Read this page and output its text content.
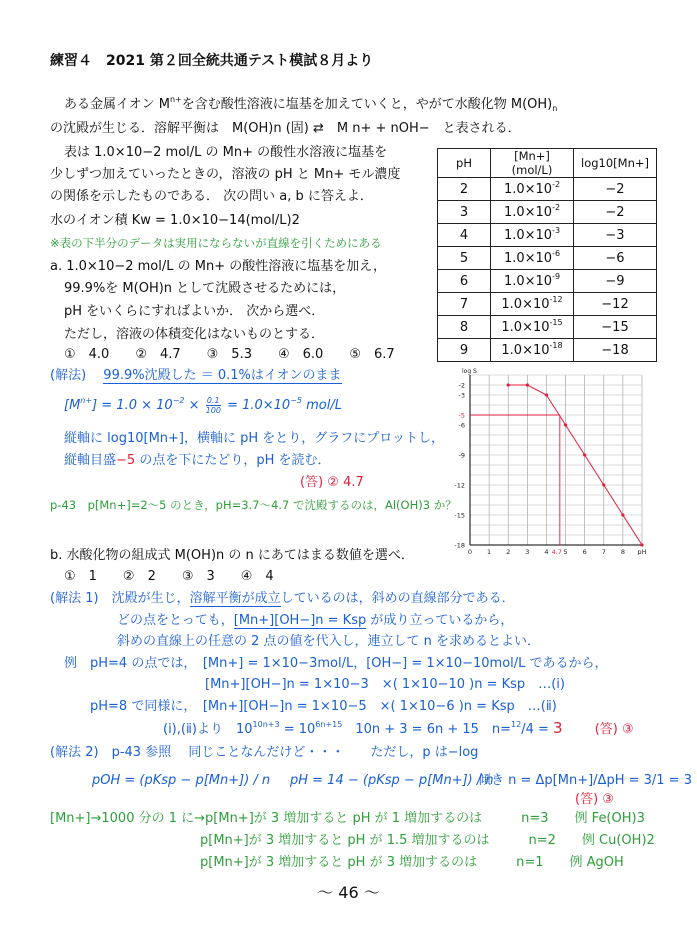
練習４　2021 第２回全統共通テスト模試８月より
ある金属イオン $M^{n+}$を含む酸性溶液に塩基を加えていくと，やがて水酸化物 $M(OH)_n$
の沈殿が生じる．溶解平衡は　M(OH)n (固) ⇄　M n+ + nOH−　と表される．
表は 1.0×10−2 mol/L の Mn+ の酸性水溶液に塩基を
少しずつ加えていったときの，溶液の pH と Mn+ モル濃度
の関係を示したものである． 次の問い a, b に答えよ．
水のイオン積 Kw = 1.0×10−14(mol/L)2
※表の下半分のデータは実用にならないが直線を引くためにある
a. 1.0×10−2 mol/L の Mn+ の酸性溶液に塩基を加え，
99.9%を M(OH)n として沈殿させるためには，
pH をいくらにすればよいか． 次から選べ．
ただし，溶液の体積変化はないものとする．
①　4.0　　②　4.7　　③　5.3　　④　6.0　　⑤　6.7
(解法)　 99.9%沈殿した ＝ 0.1%はイオンのまま
$[M^{n+}] = 1.0 \times 10^{-2} \times \frac{0.1}{100} = 1.0\times 10^{-5}$ mol/L
縦軸に log10[Mn+]，横軸に pH をとり，グラフにプロットし，
縦軸目盛−5 の点を下にたどり，pH を読む．
(答) ② 4.7
p-43　p[Mn+]=2〜5 のとき，pH=3.7〜4.7 で沈殿するのは，Al(OH)3 か？
pH	[Mn+] (mol/L)	log10[Mn+]
2	$1.0\times 10^{-2}$	−2
3	$1.0\times 10^{-2}$	−2
4	$1.0\times 10^{-3}$	−3
5	$1.0\times 10^{-6}$	−6
6	$1.0\times 10^{-9}$	−9
7	$1.0\times 10^{-12}$	−12
8	$1.0\times 10^{-15}$	−15
9	$1.0\times 10^{-18}$	−18
-2
-3
-5
-6
-9
-12
-15
-18
log S
0 1 2 3 4 4.7 5 6 7 8 pH
b. 水酸化物の組成式 M(OH)n の n にあてはまる数値を選べ．
①　1　　②　2　　③　3　　④　4
(解法 1)　 沈殿が生じ，溶解平衡が成立しているのは，斜めの直線部分である．
どの点をとっても，[Mn+][OH−]n = Ksp が成り立っているから，
斜めの直線上の任意の 2 点の値を代入し，連立して n を求めるとよい．
例　pH=4 の点では，　[Mn+] = 1×10−3mol/L，[OH−] = 1×10−10mol/L であるから，
[Mn+][OH−]n = 1×10−3　×( 1×10−10 )n = Ksp　…(ⅰ)
pH=8 で同様に，　[Mn+][OH−]n = 1×10−5　×( 1×10−6 )n = Ksp　…(ⅱ)
(ⅰ),(ⅱ)より　$10^{10n+3} = 10^{6n+15}$　10n + 3 = 6n + 15　n=$^{12}$/4 = 3 (答) ③
(解法 2)　 p-43 参照　 同じことなんだけど・・・　　ただし，p は−log
pOH = (pKsp − p[Mn+]) / n pH = 14 − (pKsp − p[Mn+]) / n
傾き n = Δp[Mn+]/ΔpH = 3/1 = 3
(答) ③
[Mn+]→1000 分の 1 に→p[Mn+]が 3 増加すると pH が 1 増加するのは　　　n=3　　例 Fe(OH)3
p[Mn+]が 3 増加すると pH が 1.5 増加するのは　　　n=2　　例 Cu(OH)2
p[Mn+]が 3 増加すると pH が 3 増加するのは　　　n=1　　例 AgOH
〜 46 〜
